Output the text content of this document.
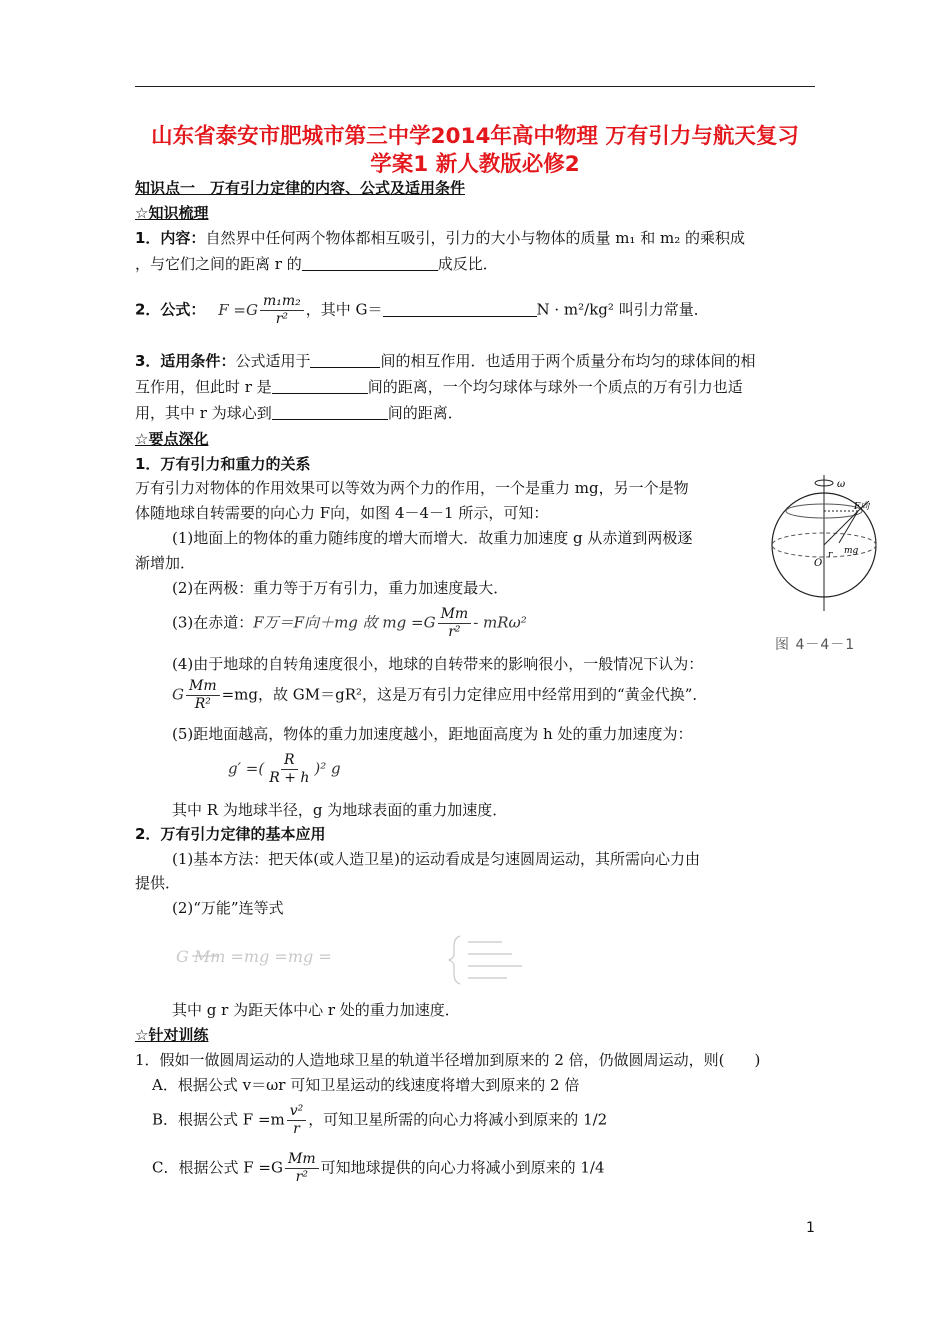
山东省泰安市肥城市第三中学2014年高中物理 万有引力与航天复习
学案1 新人教版必修2
知识点一　万有引力定律的内容、公式及适用条件
☆知识梳理
1．内容：自然界中任何两个物体都相互吸引，引力的大小与物体的质量 m₁ 和 m₂ 的乘积成
，与它们之间的距离 r 的	成反比．
2．公式： $F =G \frac{\text{m₁m₂}}{\text{r²}}$ ，其中 G＝	N · m²/kg² 叫引力常量．
3．适用条件：公式适用于	间的相互作用．也适用于两个质量分布均匀的球体间的相
互作用，但此时 r 是	间的距离，一个均匀球体与球外一个质点的万有引力也适
用，其中 r 为球心到	间的距离．
☆要点深化
1．万有引力和重力的关系
万有引力对物体的作用效果可以等效为两个力的作用，一个是重力 mg，另一个是物
体随地球自转需要的向心力 F向，如图 4－4－1 所示，可知：
(1)地面上的物体的重力随纬度的增大而增大．故重力加速度 g 从赤道到两极逐
渐增加．
(2)在两极：重力等于万有引力，重力加速度最大．
(3)在赤道：F万＝F向＋mg 故 mg $=G \frac{Mm}{\text{r²}} - mR\omega^2$
(4)由于地球的自转角速度很小，地球的自转带来的影响很小，一般情况下认为：
G $\frac{Mm}{\text{R²}} =mg$，故 GM＝gR²，这是万有引力定律应用中经常用到的“黄金代换”．
(5)距地面越高，物体的重力加速度越小，距地面高度为 h 处的重力加速度为：
g′ =( $\frac{R}{R + h} )^2$ g
其中 R 为地球半径，g 为地球表面的重力加速度．
2．万有引力定律的基本应用
(1)基本方法：把天体(或人造卫星)的运动看成是匀速圆周运动，其所需向心力由
提供．
(2)“万能”连等式
G Mm =mg =mg =
其中 g r 为距天体中心 r 处的重力加速度．
ω
F向
mg
O
r
图 4－4－1
☆针对训练
1．假如一做圆周运动的人造地球卫星的轨道半径增加到原来的 2 倍，仍做圆周运动，则(　　)
A．根据公式 v＝ωr 可知卫星运动的线速度将增大到原来的 2 倍
B．根据公式 $F =m \frac{\text{v²}}{r}$ ，可知卫星所需的向心力将减小到原来的 1/2
C．根据公式 $F =G \frac{Mm}{\text{r²}}$ 可知地球提供的向心力将减小到原来的 1/4
1
